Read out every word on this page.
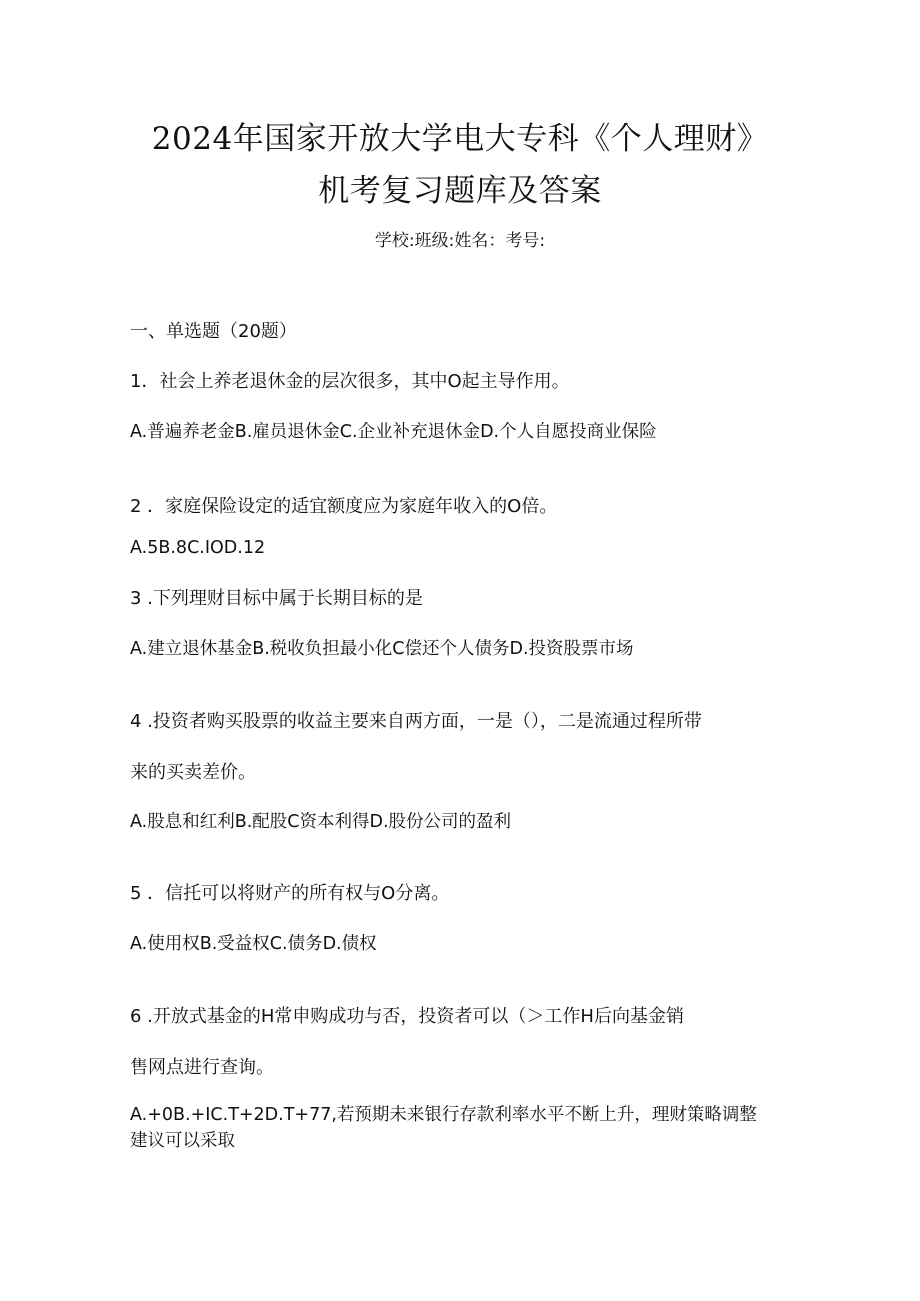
2024年国家开放大学电大专科《个人理财》
机考复习题库及答案
学校:班级:姓名：考号:
一、单选题（20题）
1．社会上养老退休金的层次很多，其中O起主导作用。
A.普遍养老金B.雇员退休金C.企业补充退休金D.个人自愿投商业保险
2 ．家庭保险设定的适宜额度应为家庭年收入的O倍。
A.5B.8C.IOD.12
3 .下列理财目标中属于长期目标的是
A.建立退休基金B.税收负担最小化C偿还个人债务D.投资股票市场
4 .投资者购买股票的收益主要来自两方面，一是（），二是流通过程所带
来的买卖差价。
A.股息和红利B.配股C资本利得D.股份公司的盈利
5 ．信托可以将财产的所有权与O分离。
A.使用权B.受益权C.债务D.债权
6 .开放式基金的H常申购成功与否，投资者可以（＞工作H后向基金销
售网点进行查询。
A.+0B.+IC.T+2D.T+77,若预期未来银行存款利率水平不断上升，理财策略调整
建议可以采取
